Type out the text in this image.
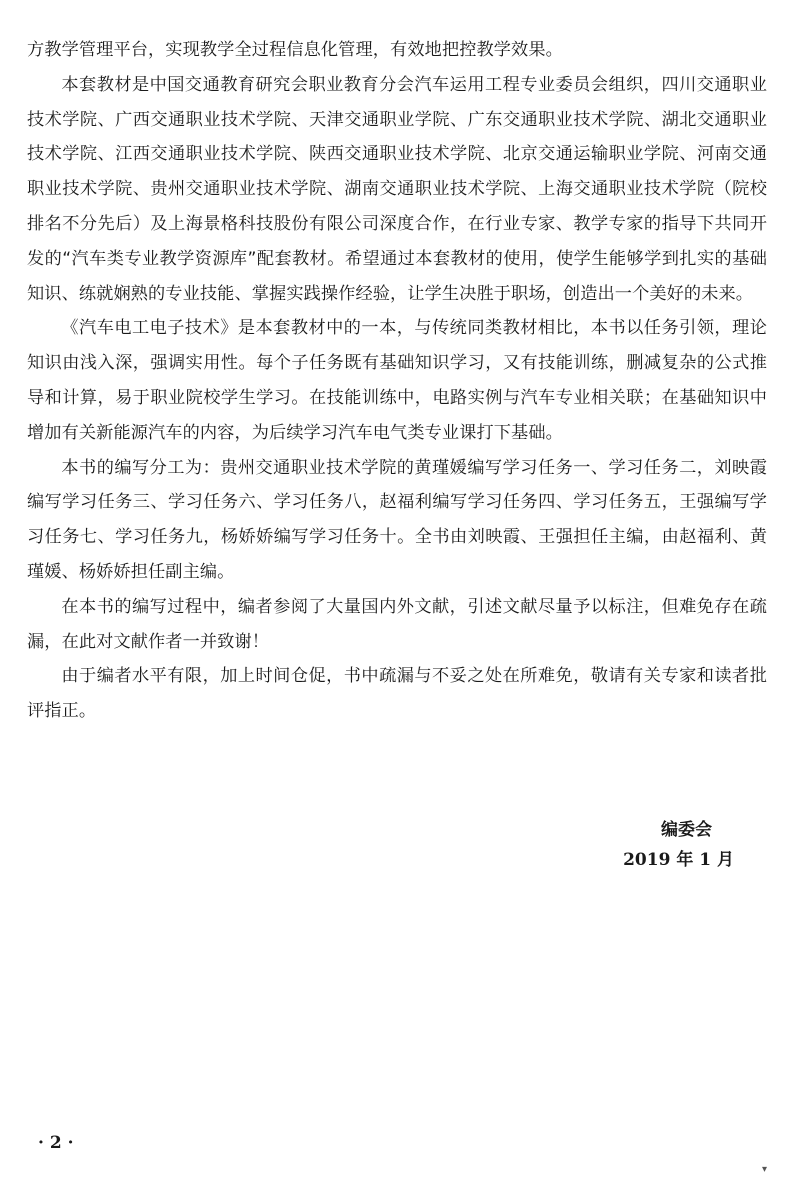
方教学管理平台，实现教学全过程信息化管理，有效地把控教学效果。

本套教材是中国交通教育研究会职业教育分会汽车运用工程专业委员会组织，四川交通职业技术学院、广西交通职业技术学院、天津交通职业学院、广东交通职业技术学院、湖北交通职业技术学院、江西交通职业技术学院、陕西交通职业技术学院、北京交通运输职业学院、河南交通职业技术学院、贵州交通职业技术学院、湖南交通职业技术学院、上海交通职业技术学院（院校排名不分先后）及上海景格科技股份有限公司深度合作，在行业专家、教学专家的指导下共同开发的“汽车类专业教学资源库”配套教材。希望通过本套教材的使用，使学生能够学到扎实的基础知识、练就娴熟的专业技能、掌握实践操作经验，让学生决胜于职场，创造出一个美好的未来。

《汽车电工电子技术》是本套教材中的一本，与传统同类教材相比，本书以任务引领，理论知识由浅入深，强调实用性。每个子任务既有基础知识学习，又有技能训练，删减复杂的公式推导和计算，易于职业院校学生学习。在技能训练中，电路实例与汽车专业相关联；在基础知识中增加有关新能源汽车的内容，为后续学习汽车电气类专业课打下基础。

本书的编写分工为：贵州交通职业技术学院的黄瑾媛编写学习任务一、学习任务二，刘映霞编写学习任务三、学习任务六、学习任务八，赵福利编写学习任务四、学习任务五，王强编写学习任务七、学习任务九，杨娇娇编写学习任务十。全书由刘映霞、王强担任主编，由赵福利、黄瑾媛、杨娇娇担任副主编。

在本书的编写过程中，编者参阅了大量国内外文献，引述文献尽量予以标注，但难免存在疏漏，在此对文献作者一并致谢！

由于编者水平有限，加上时间仓促，书中疏漏与不妥之处在所难免，敬请有关专家和读者批评指正。

编委会
2019 年 1 月
· 2 ·
▾
